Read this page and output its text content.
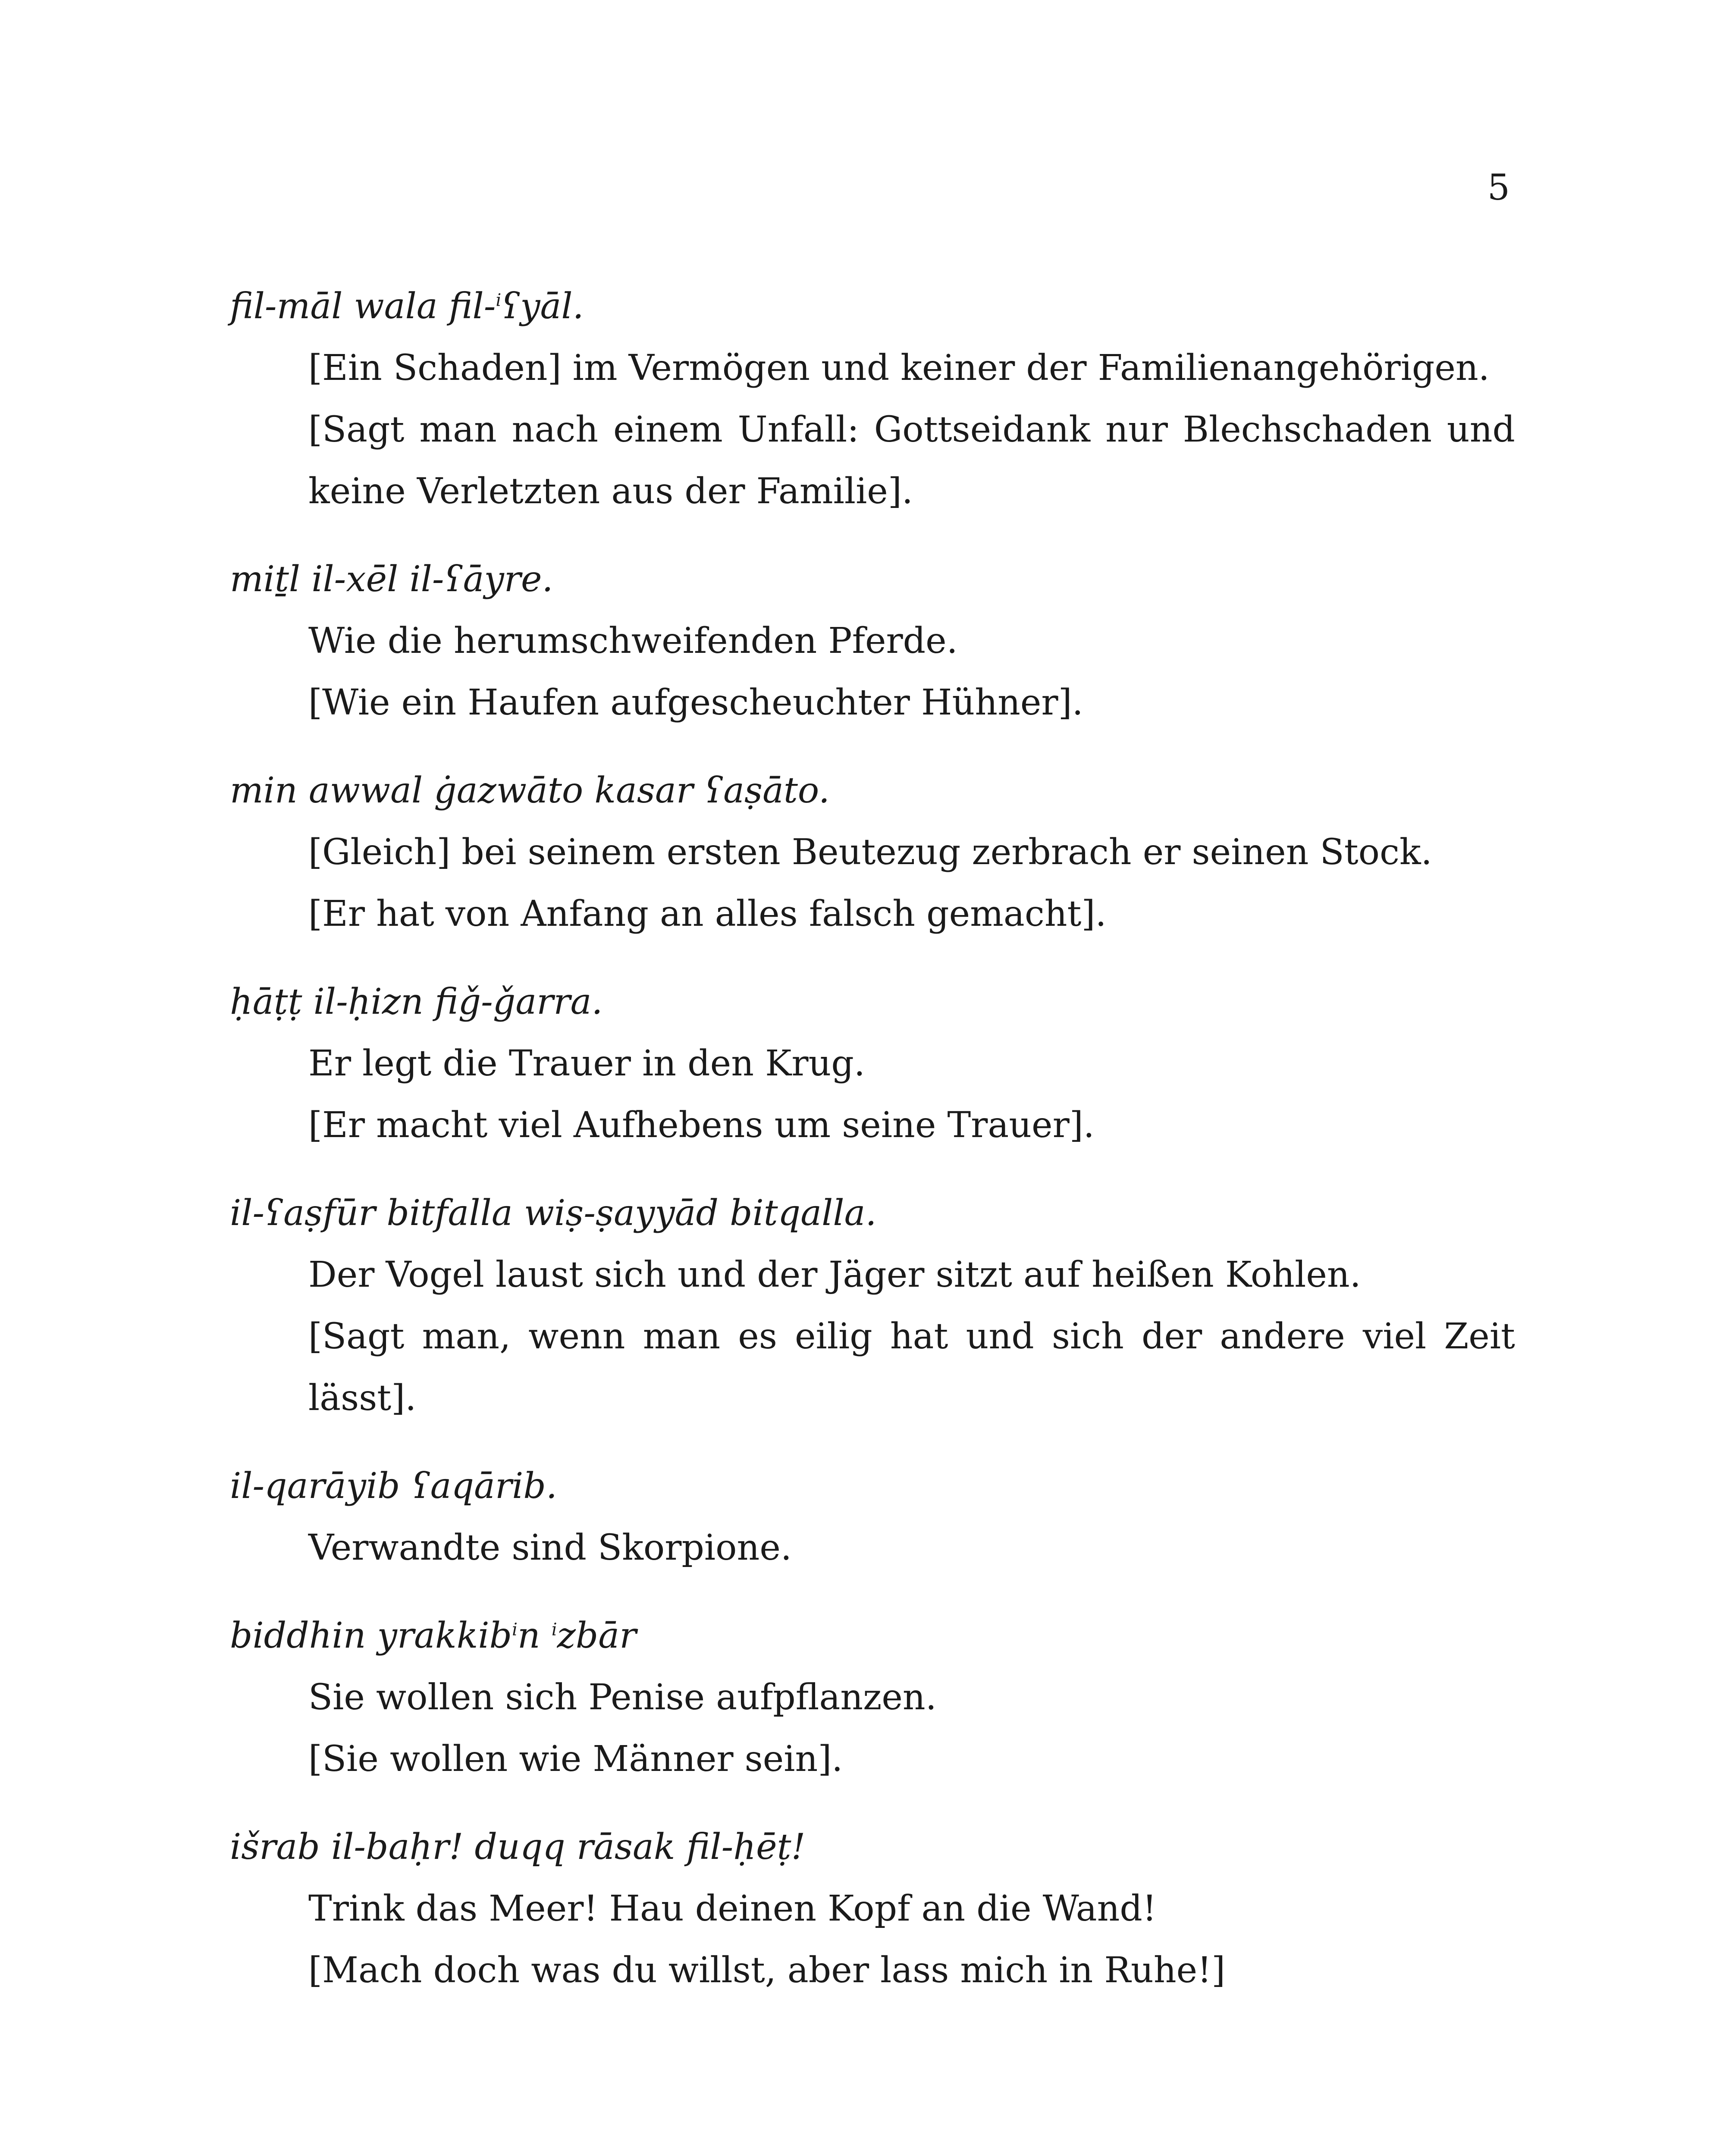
5

fil-māl wala fil-$^i$ʕyāl.

[Ein Schaden] im Vermögen und keiner der Familienangehörigen.

[Sagt man nach einem Unfall: Gottseidank nur Blechschaden und keine Verletzten aus der Familie].

miṯl il-xēl il-ʕāyre.

Wie die herumschweifenden Pferde.

[Wie ein Haufen aufgescheuchter Hühner].

min awwal ġazwāto kasar ʕaṣāto.

[Gleich] bei seinem ersten Beutezug zerbrach er seinen Stock.

[Er hat von Anfang an alles falsch gemacht].

ḥāṭṭ il-ḥizn fiǧ-ǧarra.

Er legt die Trauer in den Krug.

[Er macht viel Aufhebens um seine Trauer].

il-ʕaṣfūr bitfalla wiṣ-ṣayyād bitqalla.

Der Vogel laust sich und der Jäger sitzt auf heißen Kohlen.

[Sagt man, wenn man es eilig hat und sich der andere viel Zeit lässt].

il-qarāyib ʕaqārib.

Verwandte sind Skorpione.

biddhin yrakkib$^i$n $^i$zbār

Sie wollen sich Penise aufpflanzen.

[Sie wollen wie Männer sein].

išrab il-baḥr! duqq rāsak fil-ḥēṭ!

Trink das Meer! Hau deinen Kopf an die Wand!

[Mach doch was du willst, aber lass mich in Ruhe!]
